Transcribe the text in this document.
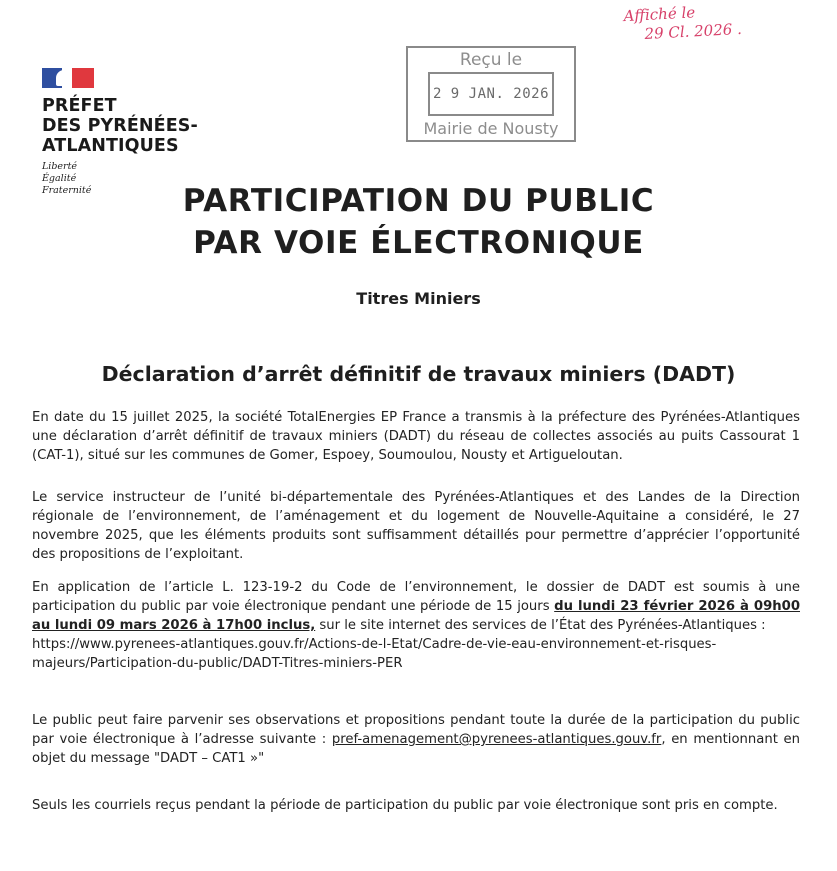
PRÉFET
DES PYRÉNÉES-
ATLANTIQUES
Liberté
Égalité
Fraternité
Reçu le
2 9 JAN. 2026
Mairie de Nousty
Affiché le
29 Cl. 2026 .
PARTICIPATION DU PUBLIC
PAR VOIE ÉLECTRONIQUE
Titres Miniers
Déclaration d’arrêt définitif de travaux miniers (DADT)
En date du 15 juillet 2025, la société TotalEnergies EP France a transmis à la préfecture des Pyrénées-Atlantiques une déclaration d’arrêt définitif de travaux miniers (DADT) du réseau de collectes associés au puits Cassourat 1 (CAT-1), situé sur les communes de Gomer, Espoey, Soumoulou, Nousty et Artigueloutan.
Le service instructeur de l’unité bi-départementale des Pyrénées-Atlantiques et des Landes de la Direction régionale de l’environnement, de l’aménagement et du logement de Nouvelle-Aquitaine a considéré, le 27 novembre 2025, que les éléments produits sont suffisamment détaillés pour permettre d’apprécier l’opportunité des propositions de l’exploitant.
En application de l’article L. 123-19-2 du Code de l’environnement, le dossier de DADT est soumis à une participation du public par voie électronique pendant une période de 15 jours du lundi 23 février 2026 à 09h00 au lundi 09 mars 2026 à 17h00 inclus, sur le site internet des services de l’État des Pyrénées-Atlantiques :
https://www.pyrenees-atlantiques.gouv.fr/Actions-de-l-Etat/Cadre-de-vie-eau-environnement-et-risques-majeurs/Participation-du-public/DADT-Titres-miniers-PER
Le public peut faire parvenir ses observations et propositions pendant toute la durée de la participation du public par voie électronique à l’adresse suivante : pref-amenagement@pyrenees-atlantiques.gouv.fr, en mentionnant en objet du message "DADT – CAT1 »"
Seuls les courriels reçus pendant la période de participation du public par voie électronique sont pris en compte.
